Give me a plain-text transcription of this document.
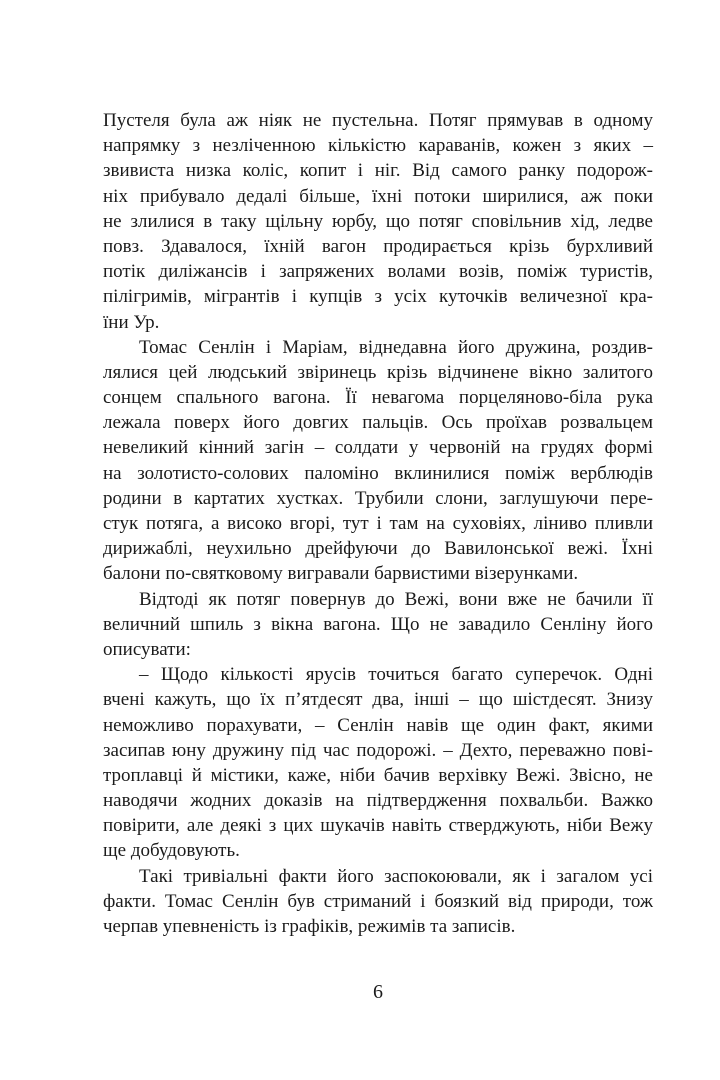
Пустеля була аж ніяк не пустельна. Потяг прямував в одному
напрямку з незліченною кількістю караванів, кожен з яких –
звивиста низка коліс, копит і ніг. Від самого ранку подорож-
ніх прибувало дедалі більше, їхні потоки ширилися, аж поки
не злилися в таку щільну юрбу, що потяг сповільнив хід, ледве
повз. Здавалося, їхній вагон продирається крізь бурхливий
потік диліжансів і запряжених волами возів, поміж туристів,
пілігримів, мігрантів і купців з усіх куточків величезної кра-
їни Ур.
Томас Сенлін і Маріам, віднедавна його дружина, роздив-
лялися цей людський звіринець крізь відчинене вікно залитого
сонцем спального вагона. Її невагома порцеляново-біла рука
лежала поверх його довгих пальців. Ось проїхав розвальцем
невеликий кінний загін – солдати у червоній на грудях формі
на золотисто-солових паломіно вклинилися поміж верблюдів
родини в картатих хустках. Трубили слони, заглушуючи пере-
стук потяга, а високо вгорі, тут і там на суховіях, ліниво пливли
дирижаблі, неухильно дрейфуючи до Вавилонської вежі. Їхні
балони по-святковому вигравали барвистими візерунками.
Відтоді як потяг повернув до Вежі, вони вже не бачили її
величний шпиль з вікна вагона. Що не завадило Сенліну його
описувати:
– Щодо кількості ярусів точиться багато суперечок. Одні
вчені кажуть, що їх п’ятдесят два, інші – що шістдесят. Знизу
неможливо порахувати, – Сенлін навів ще один факт, якими
засипав юну дружину під час подорожі. – Дехто, переважно пові-
троплавці й містики, каже, ніби бачив верхівку Вежі. Звісно, не
наводячи жодних доказів на підтвердження похвальби. Важко
повірити, але деякі з цих шукачів навіть стверджують, ніби Вежу
ще добудовують.
Такі тривіальні факти його заспокоювали, як і загалом усі
факти. Томас Сенлін був стриманий і боязкий від природи, тож
черпав упевненість із графіків, режимів та записів.
6
